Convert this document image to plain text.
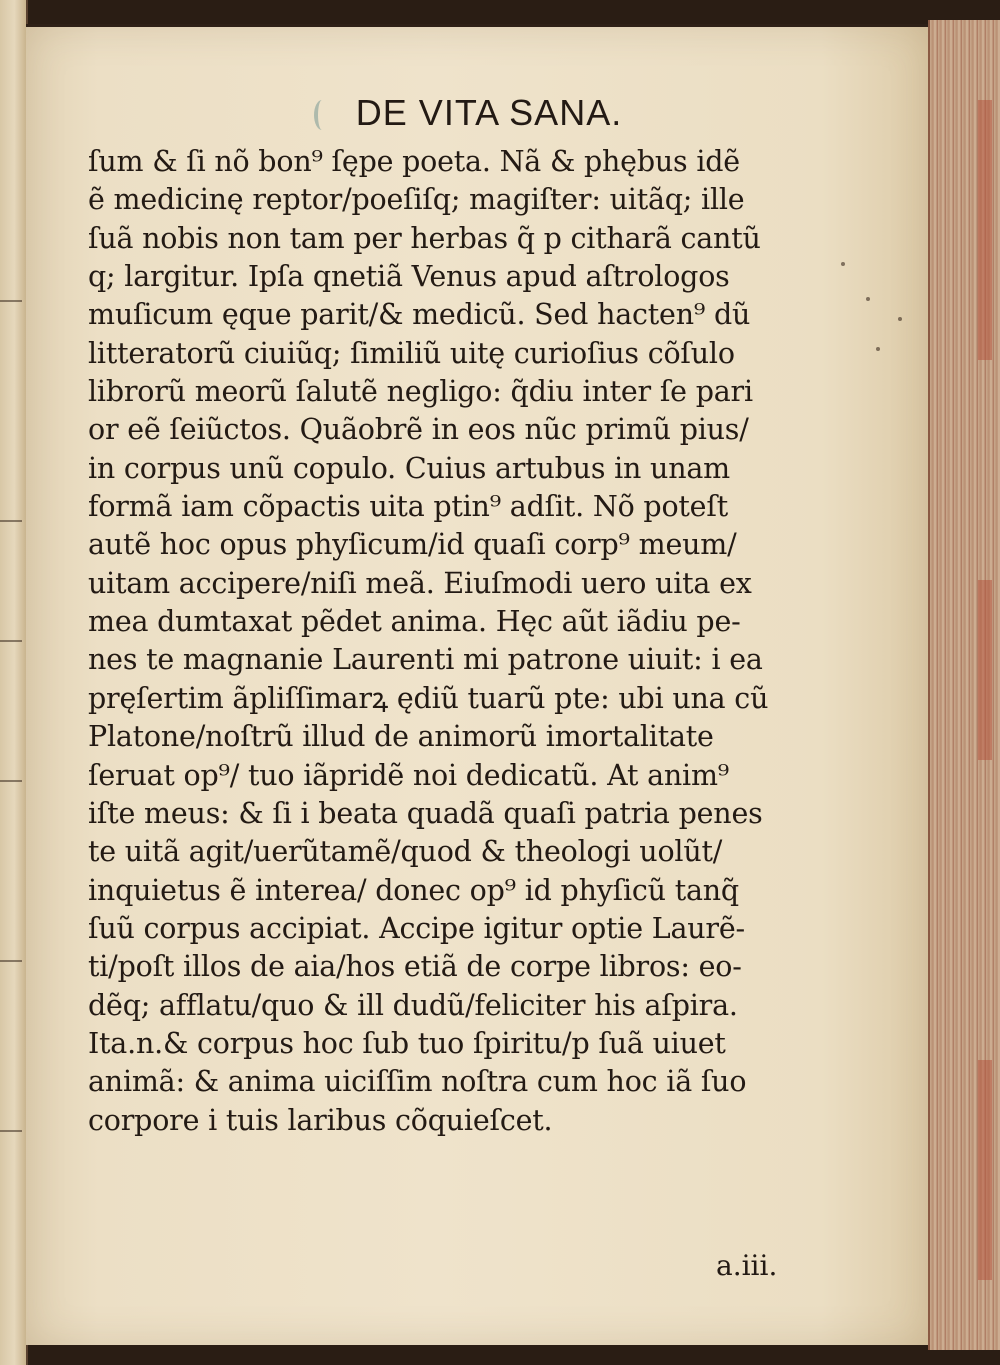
DE VITA SANA.
ſum & ſi nõ bon⁹ ſępe poeta. Nã & phębus idẽ
ẽ medicinę reptor/poeſiſq; magiſter: uitãq; ille
ſuã nobis non tam per herbas q̃ p citharã cantũ
q; largitur. Ipſa qnetiã Venus apud aſtrologos
muſicum ęque parit/& medicũ. Sed hacten⁹ dũ
litteratorũ ciuiũq; ſimiliũ uitę curioſius cõſulo
librorũ meorũ ſalutẽ negligo: q̃diu inter ſe pari
or eẽ ſeiũctos. Quãobrẽ in eos nũc primũ pius/
in corpus unũ copulo. Cuius artubus in unam
formã iam cõpactis uita ptin⁹ adſit. Nõ poteſt
autẽ hoc opus phyſicum/id quaſi corp⁹ meum/
uitam accipere/niſi meã. Eiuſmodi uero uita ex
mea dumtaxat pẽdet anima. Hęc aũt iãdiu pe-
nes te magnanie Laurenti mi patrone uiuit: i ea
pręſertim ãpliſſimarꝝ ędiũ tuarũ pte: ubi una cũ
Platone/noſtrũ illud de animorũ imortalitate
ſeruat op⁹/ tuo iãpridẽ noi dedicatũ. At anim⁹
iſte meus: & ſi i beata quadã quaſi patria penes
te uitã agit/uerũtamẽ/quod & theologi uolũt/
inquietus ẽ interea/ donec op⁹ id phyſicũ tanq̃
ſuũ corpus accipiat. Accipe igitur optie Laurẽ-
ti/poſt illos de aia/hos etiã de corpe libros: eo-
dẽq; afflatu/quo & ill dudũ/feliciter his aſpira.
Ita.n.& corpus hoc ſub tuo ſpiritu/p ſuã uiuet
animã: & anima uiciſſim noſtra cum hoc iã ſuo
corpore i tuis laribus cõquieſcet.
a.iii.
